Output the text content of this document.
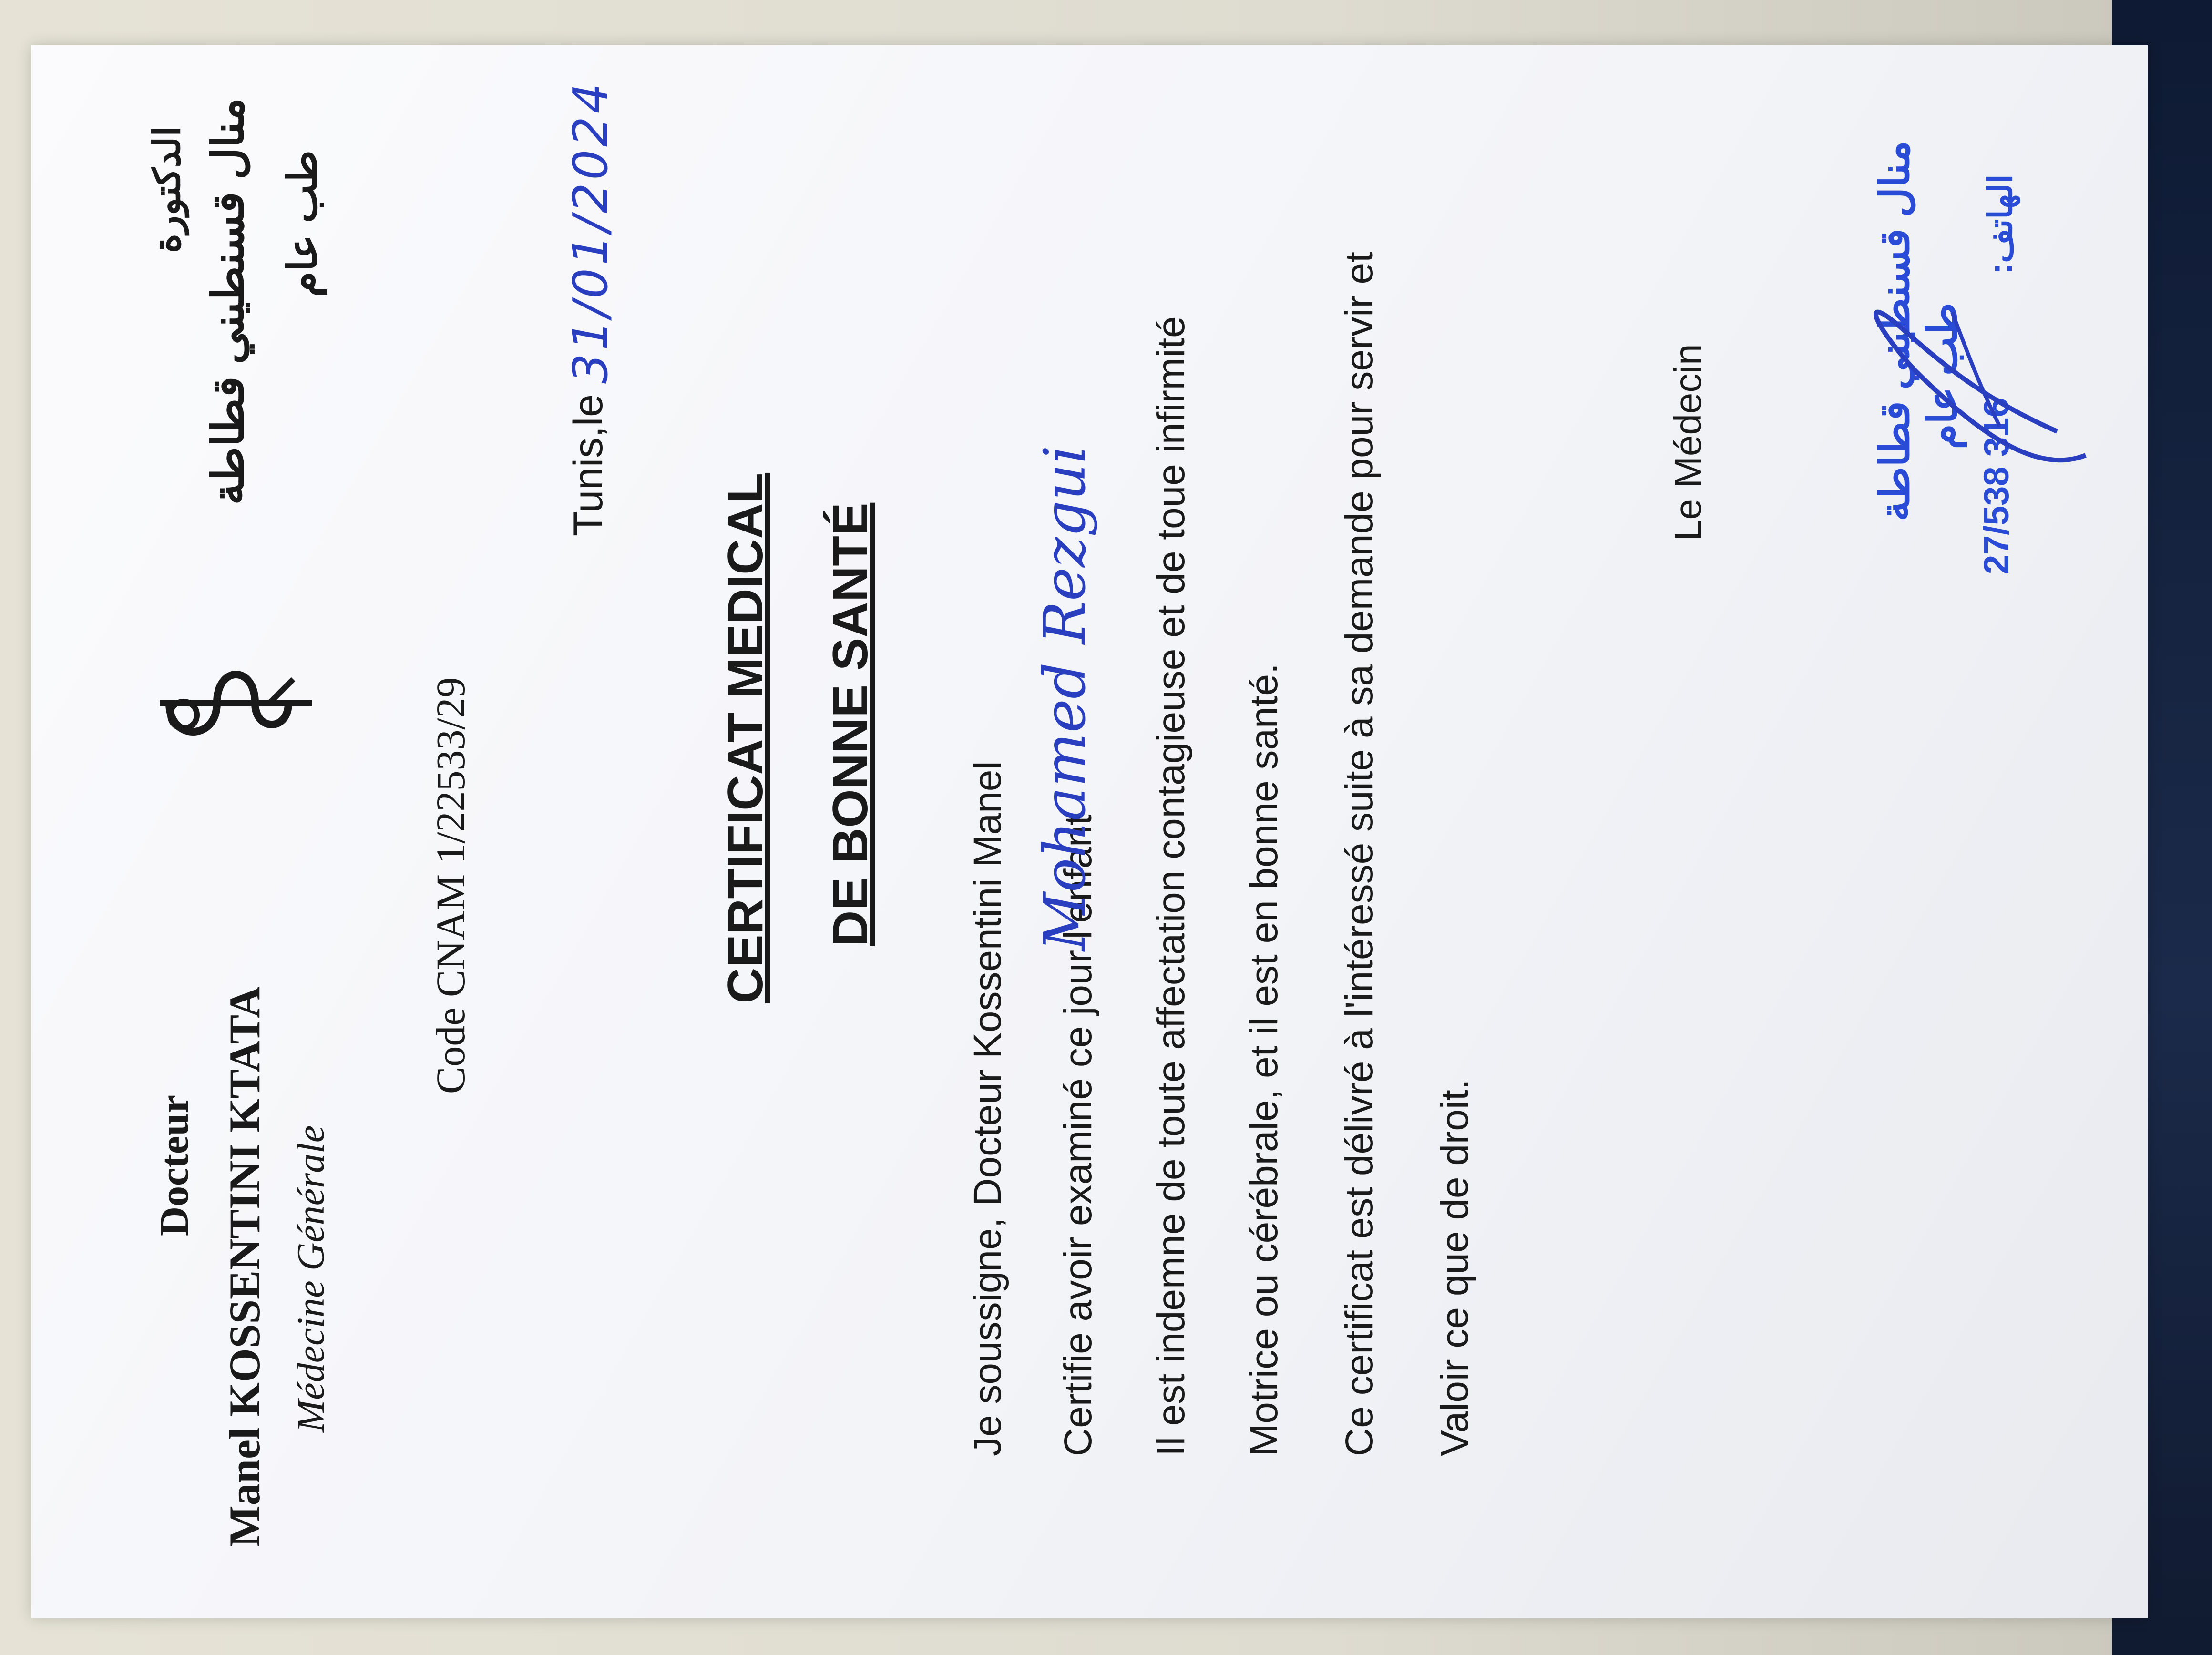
Docteur Manel KOSSENTINI KTATA Médecine Générale
الدكتورة منال قسنطيني قطاطة طب عام
Code CNAM 1/22533/29
Tunis,le
31/01/2024
CERTIFICAT MEDICAL DE BONNE SANTÉ
Je soussigne, Docteur Kossentini Manel Certifie avoir examiné ce jour l'enfant
Mohamed Rezgui Il est indemne de toute affectation contagieuse et de toue infirmité Motrice ou cérébrale, et il est en bonne santé. Ce certificat est délivré à l'intéressé suite à sa demande pour servir et Valoir ce que de droit.
Le Médecin	منال قسنطيني قطاطة طب عام
27/538 316
الهاتف:
